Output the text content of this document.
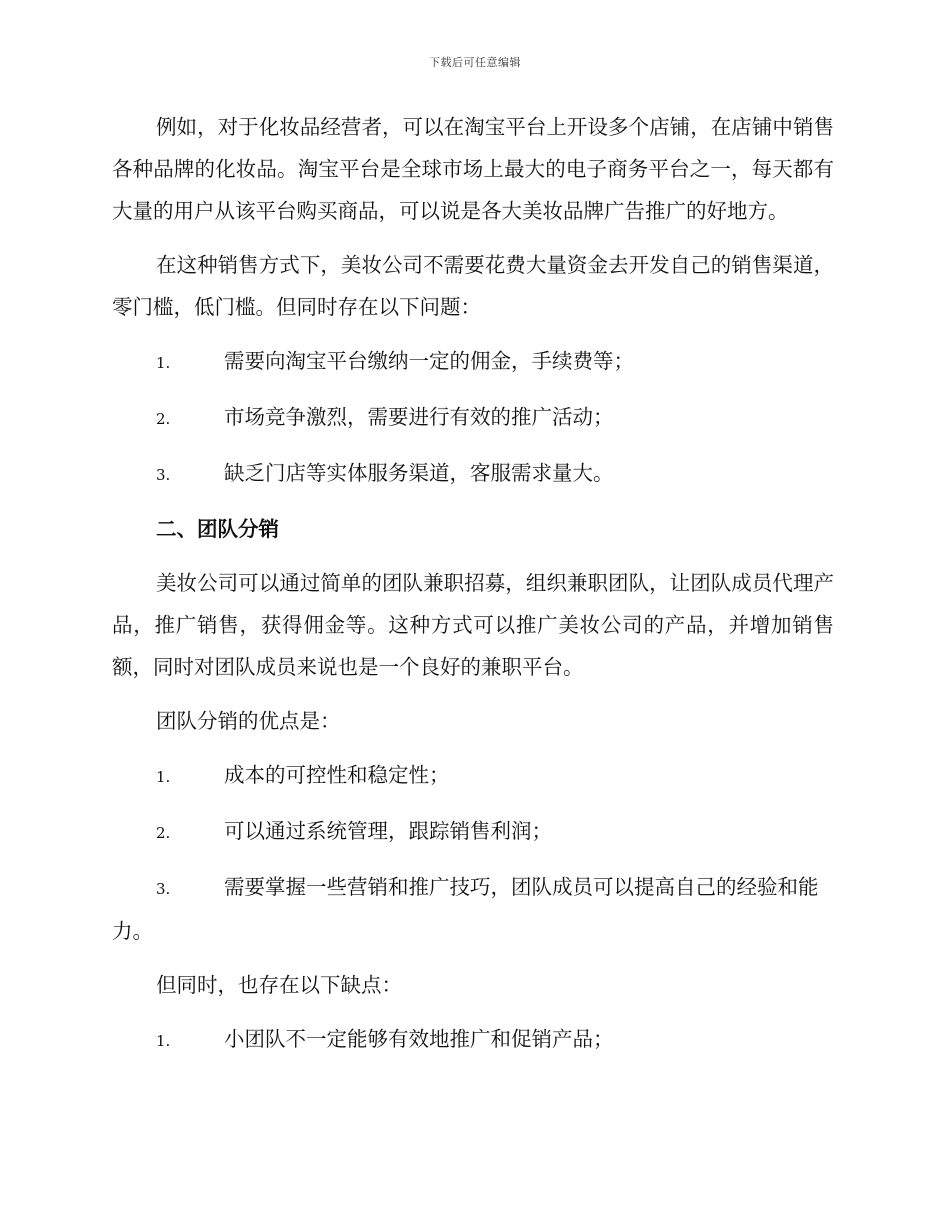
下载后可任意编辑

例如，对于化妆品经营者，可以在淘宝平台上开设多个店铺，在店铺中销售各种品牌的化妆品。淘宝平台是全球市场上最大的电子商务平台之一，每天都有大量的用户从该平台购买商品，可以说是各大美妆品牌广告推广的好地方。

在这种销售方式下，美妆公司不需要花费大量资金去开发自己的销售渠道，零门槛，低门槛。但同时存在以下问题：

1.	需要向淘宝平台缴纳一定的佣金，手续费等；

2.	市场竞争激烈，需要进行有效的推广活动；

3.	缺乏门店等实体服务渠道，客服需求量大。

二、团队分销

美妆公司可以通过简单的团队兼职招募，组织兼职团队，让团队成员代理产品，推广销售，获得佣金等。这种方式可以推广美妆公司的产品，并增加销售额，同时对团队成员来说也是一个良好的兼职平台。

团队分销的优点是：

1.	成本的可控性和稳定性；

2.	可以通过系统管理，跟踪销售利润；

3.	需要掌握一些营销和推广技巧，团队成员可以提高自己的经验和能力。

但同时，也存在以下缺点：

1.	小团队不一定能够有效地推广和促销产品；
